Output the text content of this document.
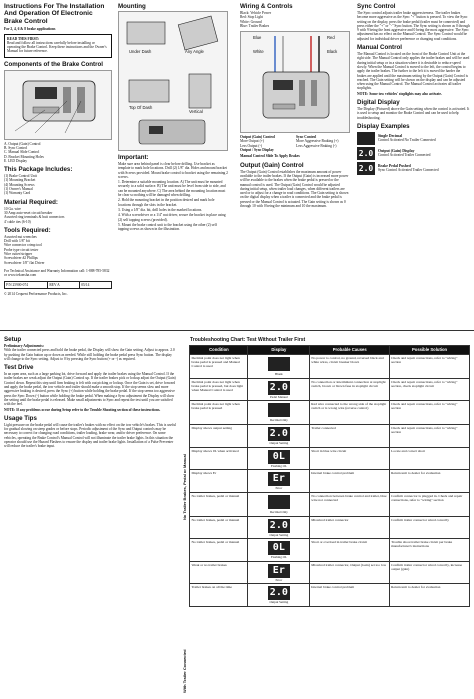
Instructions For The Installation And Operation Of Electronic Brake Control
For 2, 4, 6 & 8 brake applications
READ THIS FIRST:
Read and follow all instructions carefully before installing or operating the Brake Control. Keep these instructions and the Owner's Manual for future reference.
Components of the Brake Control
A. Output (Gain) Control
B. Sync Control
C. Manual Slide Control
D. Bracket Mounting Holes
E. LED Display
This Package Includes:
(1) Brake Control Unit
(1) Mounting Bracket
(4) Mounting Screws
(1) Owner's Manual
(1) Warranty Card
Material Required:
10 Ga. wire
30 Amp auto-reset circuit breaker
Assorted ring terminals & butt connectors
4' cable ties (6-10)
Tools Required:
Assorted nut wrenches
Drill with 1/8" bit
Wire connector crimp tool
Probe type circuit tester
Wire cutter/stripper
Screwdriver #2 Phillips
Screwdriver 1/8" flat Driver
For Technical Assistance and Warranty Information call: 1-888-785-5832 or www.tekonsha.com
P/N 25900-074	REV A	05/14
© 2014 Cequent Performance Products, Inc.
Mounting
Under Dash	Any Angle
Top Of Dash
Vertical
Important:
Make sure area behind panel is clear before drilling. Use bracket as template to mark hole locations. Drill (2) 1/8" dia. Holes and mount bracket with Screws provided. Mount brake control to bracket using the remaining 2 screws.
1. Determine a suitable mounting location. A) The unit must be mounted securely to a solid surface. B) The unit must be level from side to side, and can be mounted anywhere. C) The area behind the mounting location must be clear so nothing will be damaged when drilling.
2. Hold the mounting bracket in the position desired and mark hole locations through the slots in the bracket.
3. Using a 1/8" dia. bit, drill holes in the marked locations.
4. With a screwdriver or a 1/4" nut driver, secure the bracket in place using (2) self tapping screws (provided).
5. Mount the brake control unit to the bracket using the other (2) self tapping screws as shown in the illustration.
Wiring & Controls
Black: Vehicle Power
Red: Stop Light
White: Ground
Blue: Trailer Brakes
Blue
White
Red
Black
Output (Gain) Control
More Output (+)
Less Output (-)
Output / Sync Display
Sync Control
More Aggressive Braking (+)
Less Aggressive Braking (-)
Manual Control Slide To Apply Brakes
Output (Gain) Control
The Output (Gain) Control establishes the maximum amount of power available to the trailer brakes. If the Output (Gain) is increased more power will be available to the brakes when the brake pedal is pressed or the manual control is used. The Output (Gain) Control would be adjusted during initial setup, when trailer load changes, when different trailers are used or to adjust for a change in road conditions. The Gain setting is shown on the digital display when a trailer is connected and the brake pedal is pressed or the Manual Control is actuated. The Gain setting is shown as 0 through 10 with 0 being the minimum and 10 the maximum.
Sync Control
The Sync control adjusts trailer brake aggressiveness. The trailer brakes become more aggressive as the Sync "+" button is pressed. To view the Sync setting on the display, press the brake pedal (trailer must be connected) and press either the "+" or "-" Sync button. The Sync setting is shown as 0 through 9 with 9 being the least aggressive and 0 being the most aggressive. The Sync adjustment has no effect on the Manual Control. The Sync Control would be adjusted for individual driver preference or changing road conditions.
Manual Control
The Manual Control is located on the front of the Brake Control Unit at the right side. The Manual Control only applies the trailer brakes and will be used during initial setup or in a situation where it is desirable to reduce speed slowly. When the Manual Control is moved to the left, the control begins to apply the trailer brakes. The further to the left it is moved the harder the brakes are applied until the maximum setting by the Output (Gain) Control is reached. The Gain setting will be shown on the display and can be adjusted when using the Manual Control. The Manual Control activates all trailer stoplights.
NOTE: Some tow vehicles' stoplights may also activate.
Digital Display
The Display (Pictured) above the Gain setting when the control is activated. It is used to setup and monitor the Brake Control and can be used to help troubleshooting.
Display Examples
Single Decimal
Control Activated No Trailer Connected
2.0	Output (Gain) Display
Control Activated Trailer Connected
2.0	Brake Pedal Pushed
Sync Control Activated Trailer Connected
Setup
Preliminary Adjustments:
With the trailer connected press and hold the brake pedal, the Display will show the Gain setting. Adjust to approx. 2.0 by pushing the Gain button up or down as needed. While still holding the brake pedal press Sync button. The display will change to the Sync setting. Adjust to 0 by pressing the Sync button (+ or -) as required.
Test Drive
In an open area, such as a large parking lot, drive forward and apply the trailer brakes using the Manual Control. If the trailer brakes are weak adjust the Output (Gain) Control up. If the trailer brakes pick or lockup adjust the Output (Gain) Control down. Repeat this step until firm braking is felt with out picking or lockup. Once the Gain is set, drive forward and apply the brake pedal, the tow vehicle and trailer should make a smooth stop. If the stop seems slow and more aggressive braking is desired, press the Sync (+) button while holding the brake pedal. If the stop seems too aggressive press the Sync Down (-) button while holding the brake pedal. When making a Sync adjustment the Display will show the setting until the brake pedal is released. Make small adjustments to Sync and repeat the test until you are satisfied with the feel.
NOTE: If any problems occur during Setup refer to the Trouble Shooting section of these instructions.
Usage Tips
Light pressure on the brake pedal will cause the trailer's brakes with no effect on the tow vehicle's brakes. This is useful for gradual slowing on steep grades or before stops. Periodic adjustment of the Sync and Output controls may be necessary to correct for changing road conditions, trailer loading, brake wear, and/or driver preference. On some vehicles, operating the Brake Control's Manual Control will not illuminate the trailer brake lights. In this situation the operator should use the Hazard Flashers to ensure the display and trailer brake lights. Installation of a Pulse Preventer will reduce the trailer's brake input.
Troubleshooting Chart: Test Without Trailer First
No Trailer Brakes, Pedal or Manual
With Trailer Connected
	Condition	Display	Probable Causes	Possible Solution
	Decimal point does not light when brake pedal is pressed and Manual Control is used	Blank	No power to control, no ground, reversed black and white wires, circuit breaker blown	Check and repair connections, refer to "wiring" section
	Decimal point does not light when brake pedal is pressed, but does light when Manual Control is used	2.0
Pedal Manual	No connection or intermittent connection at stoplight switch, brown or blown fuse in stoplight circuit	Check and repair connections, refer to "wiring" section, check stoplight circuit
	Decimal point does not light when brake pedal is pressed	Decimal Only	Red wire connected to the wrong side of the stoplight switch or is wrong wire (reverse control)	Check and repair connections, refer to "wiring" section
	Display shows output setting	2.0
Output Setting	Trailer connected	Check and repair connections, refer to "wiring" section
	Display shows 0L when activated	0L
Flashing OL	Short in blue wire circuit	Locate and correct short
	Display shows Er	Er
Error	Internal brake control problem	Return unit to dealer for evaluation
	No trailer brakes, pedal or manual	Decimal Only	No connection between brake control and trailer, blue wire not connected	Confirm connector is plugged in. Check and repair connections, refer to "wiring" section
	No trailer brakes, pedal or manual	2.0
Output Setting	Miswired trailer connector	Confirm trailer connector wired correctly
	No trailer brakes, pedal or manual	0L
Flashing OL	Short or overload in trailer brake circuit	Trouble shoot trailer brake circuit per brake manufacturer's instructions
	Weak or no trailer brakes	Er
Error	Miswired trailer connector, Output (Gain) set too low	Confirm trailer connector wired correctly, increase output (gain)
	Trailer brakes on all the time	2.0
Output Setting	Internal brake control problem	Return unit to dealer for evaluation
